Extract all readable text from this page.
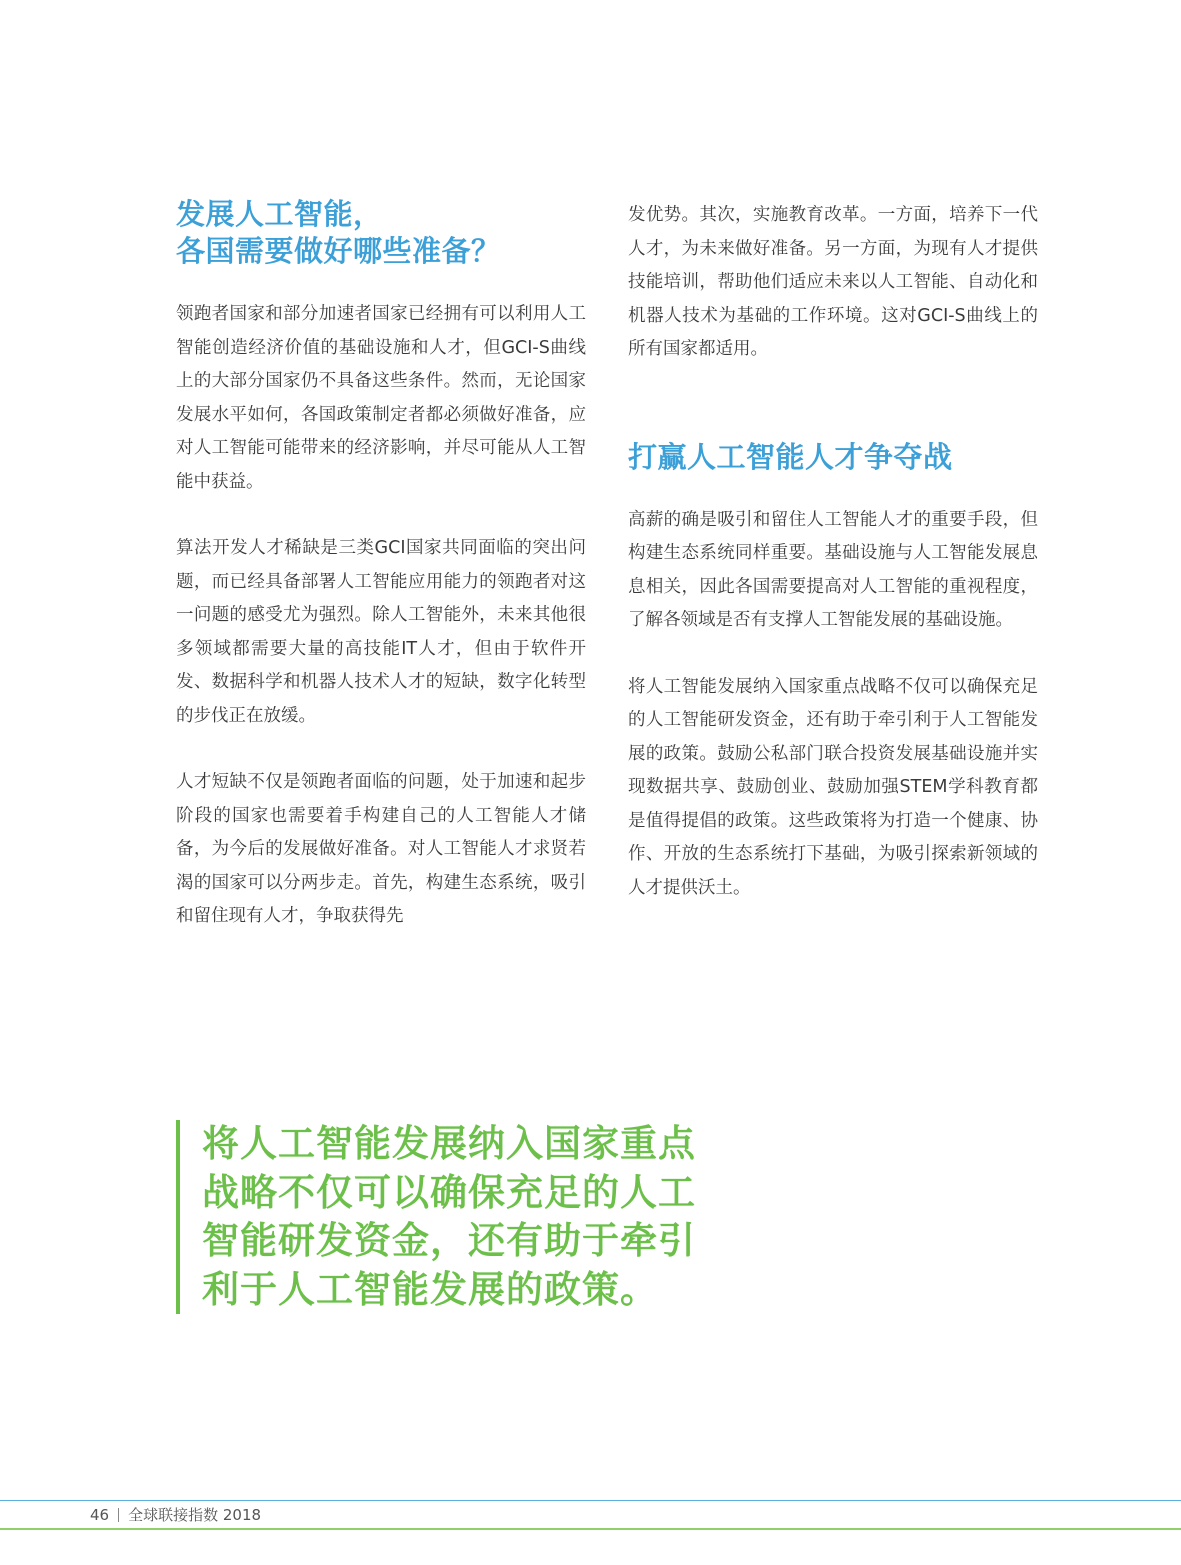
发展人工智能，
各国需要做好哪些准备？

领跑者国家和部分加速者国家已经拥有可以利用人工智能创造经济价值的基础设施和人才，但GCI-S曲线上的大部分国家仍不具备这些条件。然而，无论国家发展水平如何，各国政策制定者都必须做好准备，应对人工智能可能带来的经济影响，并尽可能从人工智能中获益。

算法开发人才稀缺是三类GCI国家共同面临的突出问题，而已经具备部署人工智能应用能力的领跑者对这一问题的感受尤为强烈。除人工智能外，未来其他很多领域都需要大量的高技能IT人才，但由于软件开发、数据科学和机器人技术人才的短缺，数字化转型的步伐正在放缓。

人才短缺不仅是领跑者面临的问题，处于加速和起步阶段的国家也需要着手构建自己的人工智能人才储备，为今后的发展做好准备。对人工智能人才求贤若渴的国家可以分两步走。首先，构建生态系统，吸引和留住现有人才，争取获得先

发优势。其次，实施教育改革。一方面，培养下一代人才，为未来做好准备。另一方面，为现有人才提供技能培训，帮助他们适应未来以人工智能、自动化和机器人技术为基础的工作环境。这对GCI-S曲线上的所有国家都适用。

打赢人工智能人才争夺战

高薪的确是吸引和留住人工智能人才的重要手段，但构建生态系统同样重要。基础设施与人工智能发展息息相关，因此各国需要提高对人工智能的重视程度，了解各领域是否有支撑人工智能发展的基础设施。

将人工智能发展纳入国家重点战略不仅可以确保充足的人工智能研发资金，还有助于牵引利于人工智能发展的政策。鼓励公私部门联合投资发展基础设施并实现数据共享、鼓励创业、鼓励加强STEM学科教育都是值得提倡的政策。这些政策将为打造一个健康、协作、开放的生态系统打下基础，为吸引探索新领域的人才提供沃土。

将人工智能发展纳入国家重点
战略不仅可以确保充足的人工
智能研发资金，还有助于牵引
利于人工智能发展的政策。
46 全球联接指数 2018
